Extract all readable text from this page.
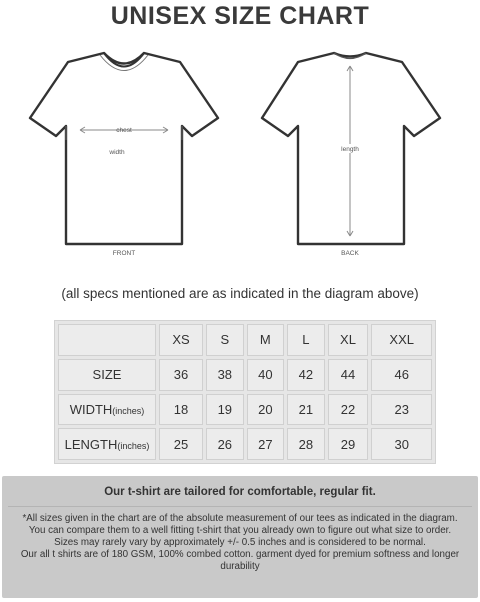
UNISEX SIZE CHART
chest
width
FRONT
length
BACK
(all specs mentioned are as indicated in the diagram above)
	XS	S	M	L	XL	XXL
SIZE	36	38	40	42	44	46
WIDTH(inches)	18	19	20	21	22	23
LENGTH(inches)	25	26	27	28	29	30
Our t-shirt are tailored for comfortable, regular fit.

*All sizes given in the chart are of the absolute measurement of our tees as indicated in the diagram. You can compare them to a well fitting t-shirt that you already own to figure out what size to order.

Sizes may rarely vary by approximately +/- 0.5 inches and is considered to be normal.

Our all t shirts are of 180 GSM, 100% combed cotton. garment dyed for premium softness and longer durability
